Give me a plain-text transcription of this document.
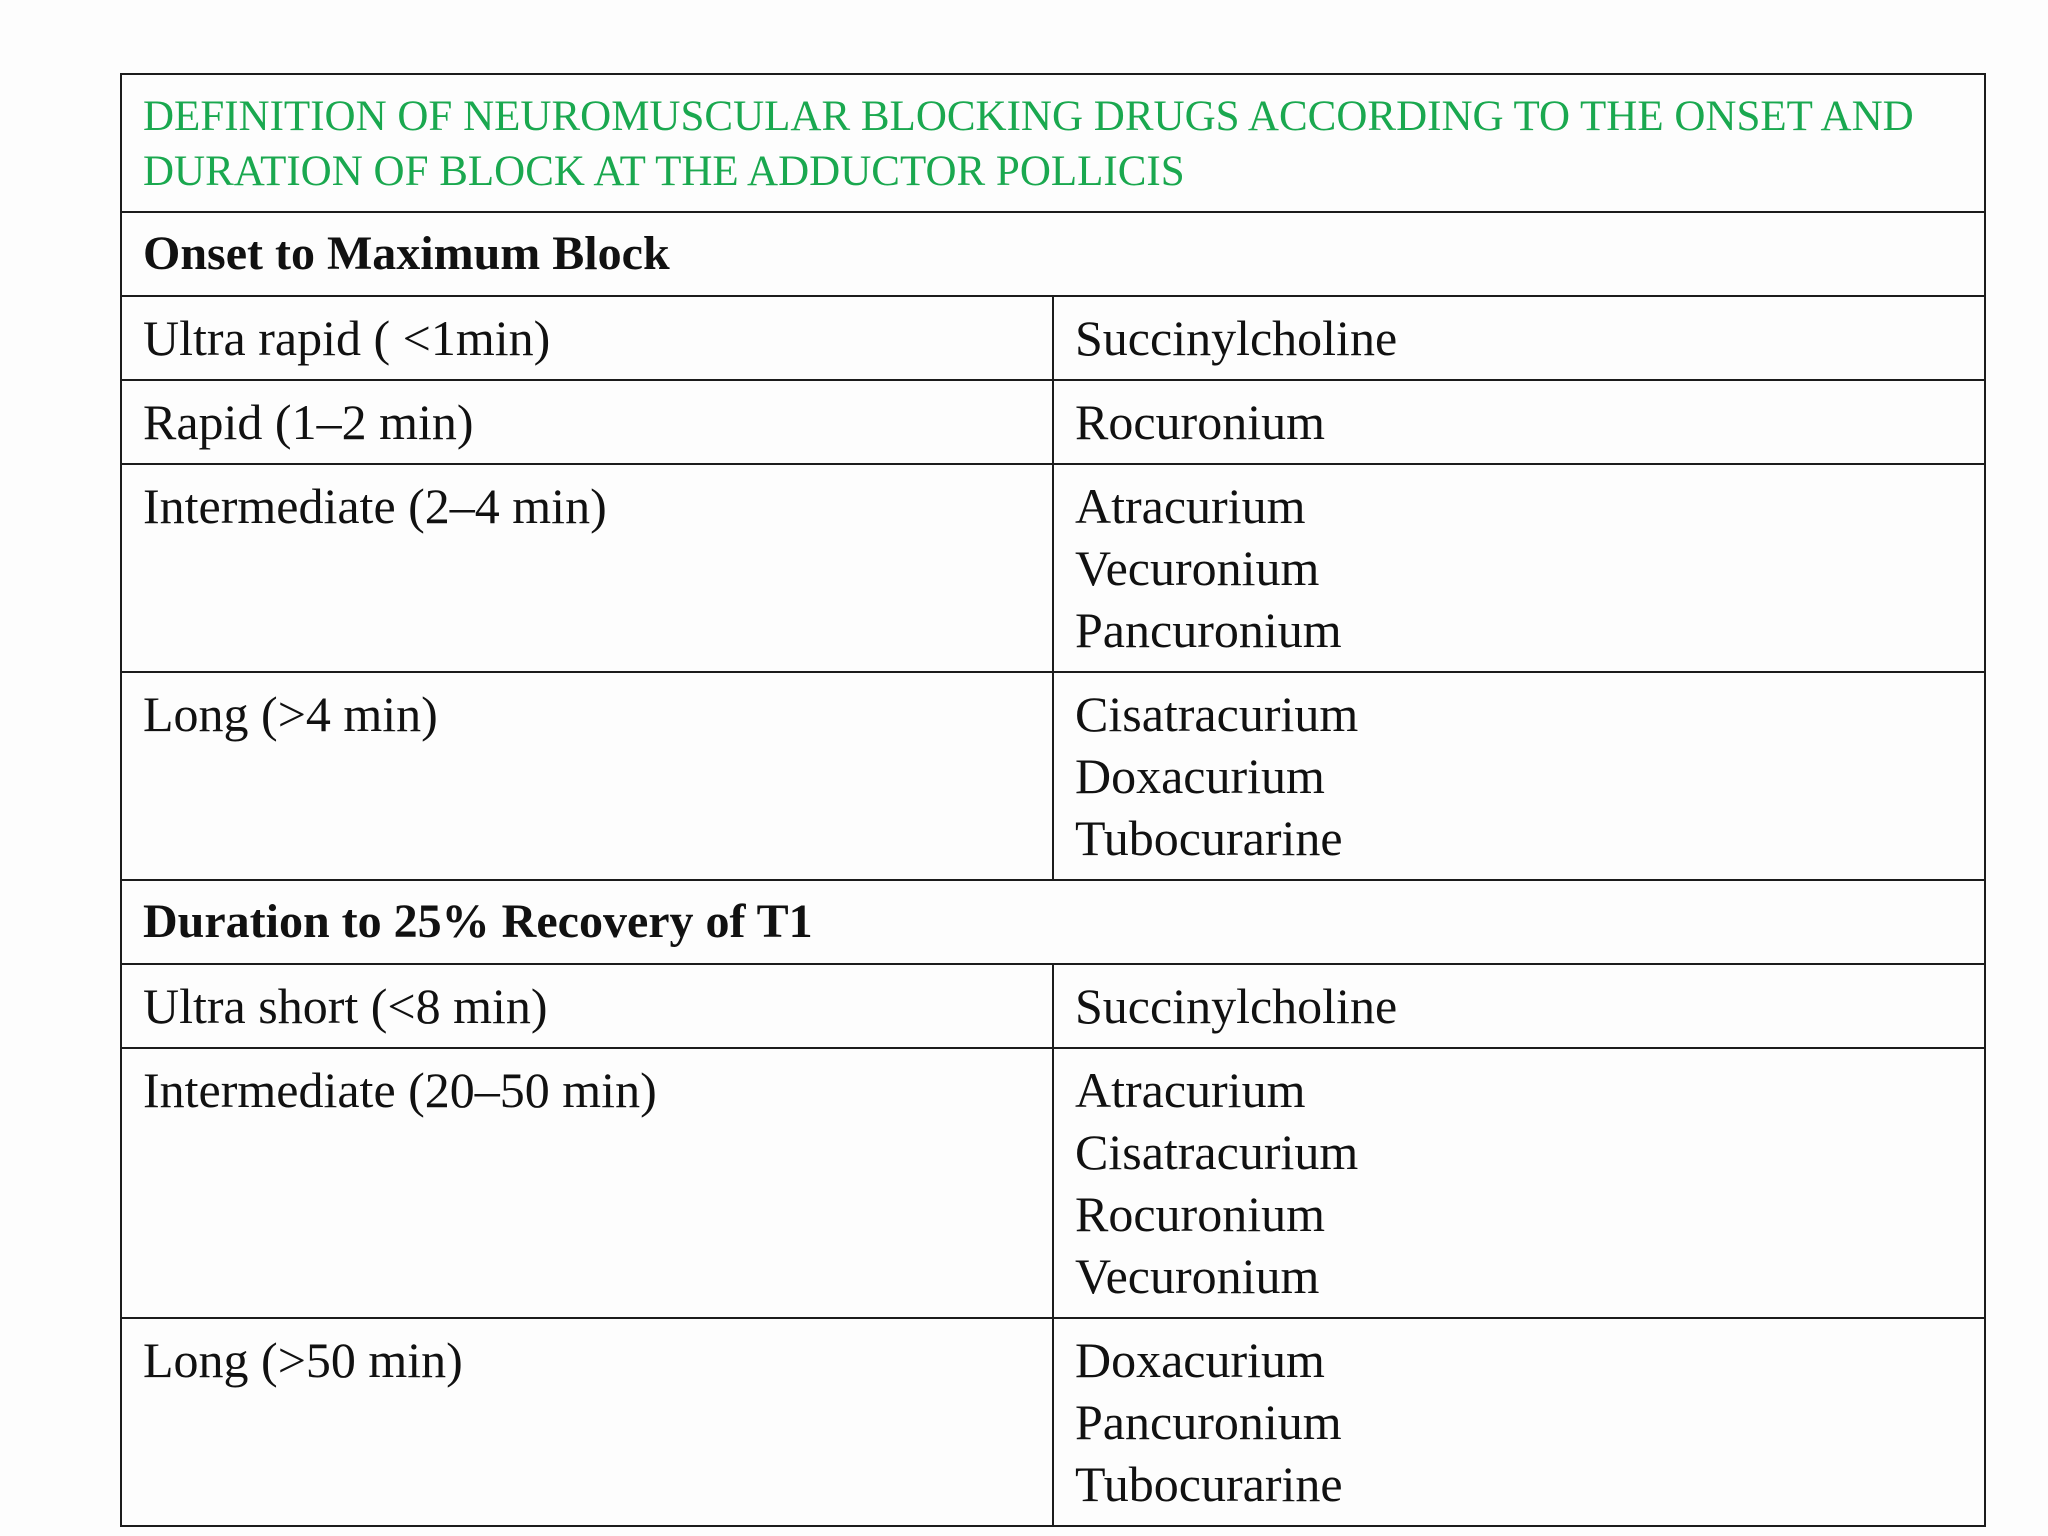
DEFINITION OF NEUROMUSCULAR BLOCKING DRUGS ACCORDING TO THE ONSET AND DURATION OF BLOCK AT THE ADDUCTOR POLLICIS	
Onset to Maximum Block	
Ultra rapid ( <1min)	Succinylcholine

Rapid (1–2 min)	Rocuronium

Intermediate (2–4 min)	Atracurium
Vecuronium
Pancuronium

Long (>4 min)	Cisatracurium
Doxacurium
Tubocurarine

Duration to 25% Recovery of T1	
Ultra short (<8 min)	Succinylcholine

Intermediate (20–50 min)	Atracurium
Cisatracurium
Rocuronium
Vecuronium

Long (>50 min)	Doxacurium
Pancuronium
Tubocurarine
